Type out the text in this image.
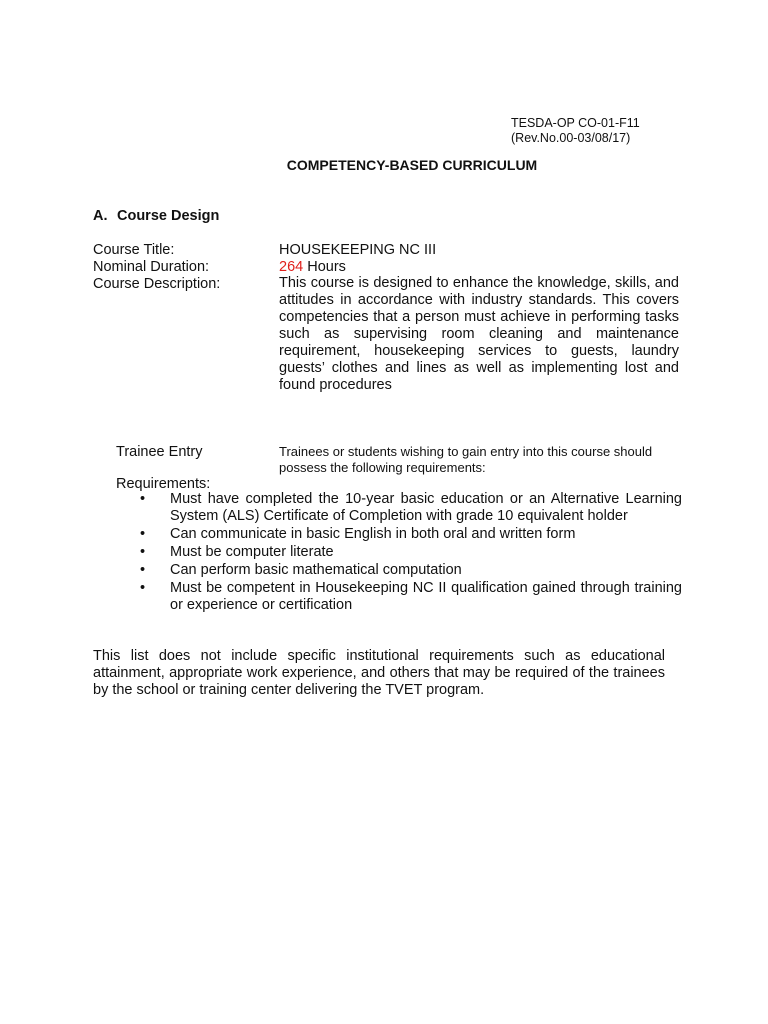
TESDA-OP CO-01-F11
(Rev.No.00-03/08/17)
COMPETENCY-BASED CURRICULUM
A. Course Design
Course Title:	HOUSEKEEPING NC III
Nominal Duration:	264 Hours
Course Description:	This course is designed to enhance the knowledge, skills, and attitudes in accordance with industry standards. This covers competencies that a person must achieve in performing tasks such as supervising room cleaning and maintenance requirement, housekeeping services to guests, laundry guests’ clothes and lines as well as implementing lost and found procedures
Trainee Entry	Trainees or students wishing to gain entry into this course should possess the following requirements:
Requirements:
• Must have completed the 10-year basic education or an Alternative Learning System (ALS) Certificate of Completion with grade 10 equivalent holder
• Can communicate in basic English in both oral and written form
• Must be computer literate
• Can perform basic mathematical computation
• Must be competent in Housekeeping NC II qualification gained through training or experience or certification
This list does not include specific institutional requirements such as educational attainment, appropriate work experience, and others that may be required of the trainees by the school or training center delivering the TVET program.
